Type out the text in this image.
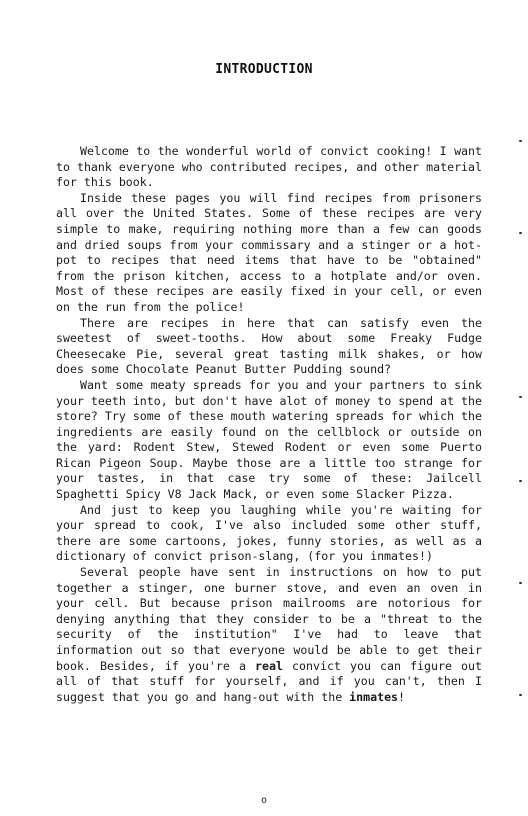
INTRODUCTION

Welcome to the wonderful world of convict cooking! I want to thank everyone who contributed recipes, and other material for this book.

Inside these pages you will find recipes from prisoners all over the United States. Some of these recipes are very simple to make, requiring nothing more than a few can goods and dried soups from your commissary and a stinger or a hot-pot to recipes that need items that have to be "obtained" from the prison kitchen, access to a hotplate and/or oven. Most of these recipes are easily fixed in your cell, or even on the run from the police!

There are recipes in here that can satisfy even the sweetest of sweet-tooths. How about some Freaky Fudge Cheesecake Pie, several great tasting milk shakes, or how does some Chocolate Peanut Butter Pudding sound?

Want some meaty spreads for you and your partners to sink your teeth into, but don't have alot of money to spend at the store? Try some of these mouth watering spreads for which the ingredients are easily found on the cellblock or outside on the yard: Rodent Stew, Stewed Rodent or even some Puerto Rican Pigeon Soup. Maybe those are a little too strange for your tastes, in that case try some of these: Jailcell Spaghetti Spicy V8 Jack Mack, or even some Slacker Pizza.

And just to keep you laughing while you're waiting for your spread to cook, I've also included some other stuff, there are some cartoons, jokes, funny stories, as well as a dictionary of convict prison-slang, (for you inmates!)

Several people have sent in instructions on how to put together a stinger, one burner stove, and even an oven in your cell. But because prison mailrooms are notorious for denying anything that they consider to be a "threat to the security of the institution" I've had to leave that information out so that everyone would be able to get their book. Besides, if you're a real convict you can figure out all of that stuff for yourself, and if you can't, then I suggest that you go and hang-out with the inmates!

o
